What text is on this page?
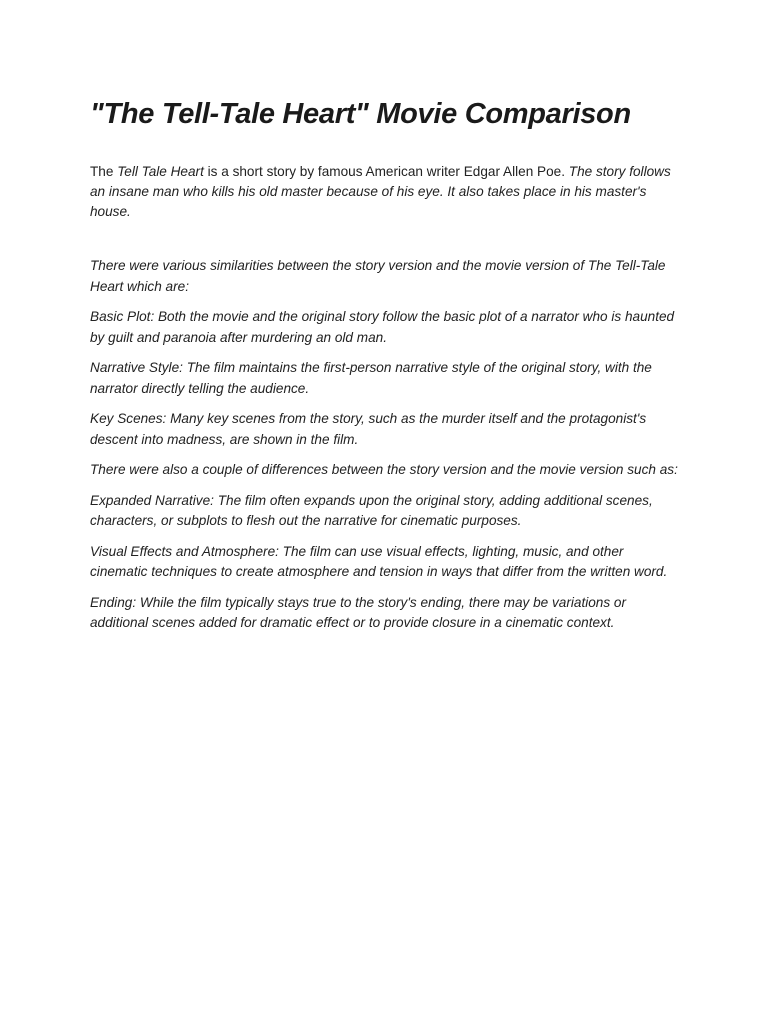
"The Tell-Tale Heart" Movie Comparison

The Tell Tale Heart is a short story by famous American writer Edgar Allen Poe. The story follows an insane man who kills his old master because of his eye. It also takes place in his master's house.

There were various similarities between the story version and the movie version of The Tell-Tale Heart which are:

Basic Plot: Both the movie and the original story follow the basic plot of a narrator who is haunted by guilt and paranoia after murdering an old man.

Narrative Style: The film maintains the first-person narrative style of the original story, with the narrator directly telling the audience.

Key Scenes: Many key scenes from the story, such as the murder itself and the protagonist's descent into madness, are shown in the film.

There were also a couple of differences between the story version and the movie version such as:

Expanded Narrative: The film often expands upon the original story, adding additional scenes, characters, or subplots to flesh out the narrative for cinematic purposes.

Visual Effects and Atmosphere: The film can use visual effects, lighting, music, and other cinematic techniques to create atmosphere and tension in ways that differ from the written word.

Ending: While the film typically stays true to the story's ending, there may be variations or additional scenes added for dramatic effect or to provide closure in a cinematic context.
